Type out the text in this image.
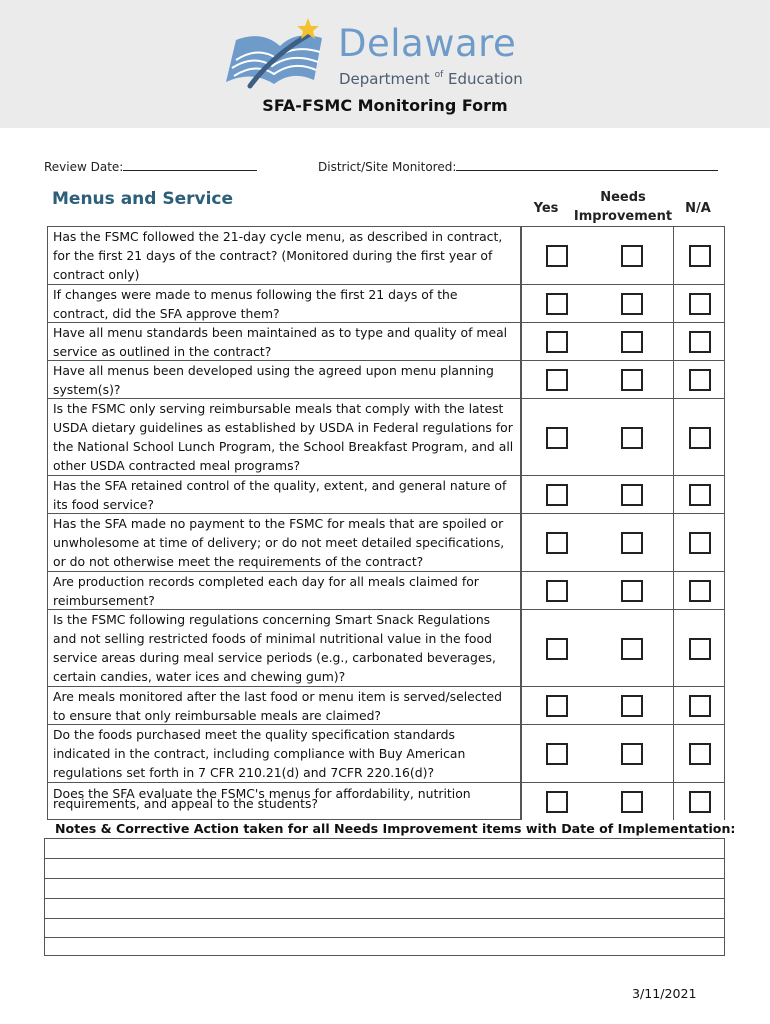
Delaware
Department $^{of}$ Education
SFA-FSMC Monitoring Form
Review Date:	District/Site Monitored:
Menus and Service	Yes
Needs
Improvement
N/A
Has the FSMC followed the 21-day cycle menu, as described in contract, for the first 21 days of the contract? (Monitored during the first year of contract only)
If changes were made to menus following the first 21 days of the contract, did the SFA approve them?
Have all menu standards been maintained as to type and quality of meal service as outlined in the contract?
Have all menus been developed using the agreed upon menu planning system(s)?
Is the FSMC only serving reimbursable meals that comply with the latest USDA dietary guidelines as established by USDA in Federal regulations for the National School Lunch Program, the School Breakfast Program, and all other USDA contracted meal programs?
Has the SFA retained control of the quality, extent, and general nature of its food service?
Has the SFA made no payment to the FSMC for meals that are spoiled or unwholesome at time of delivery; or do not meet detailed specifications, or do not otherwise meet the requirements of the contract?
Are production records completed each day for all meals claimed for reimbursement?
Is the FSMC following regulations concerning Smart Snack Regulations and not selling restricted foods of minimal nutritional value in the food service areas during meal service periods (e.g., carbonated beverages, certain candies, water ices and chewing gum)?
Are meals monitored after the last food or menu item is served/selected to ensure that only reimbursable meals are claimed?
Do the foods purchased meet the quality specification standards indicated in the contract, including compliance with Buy American regulations set forth in 7 CFR 210.21(d) and 7CFR 220.16(d)?
Does the SFA evaluate the FSMC's menus for affordability, nutrition requirements, and appeal to the students?
Notes & Corrective Action taken for all Needs Improvement items with Date of Implementation:
3/11/2021
